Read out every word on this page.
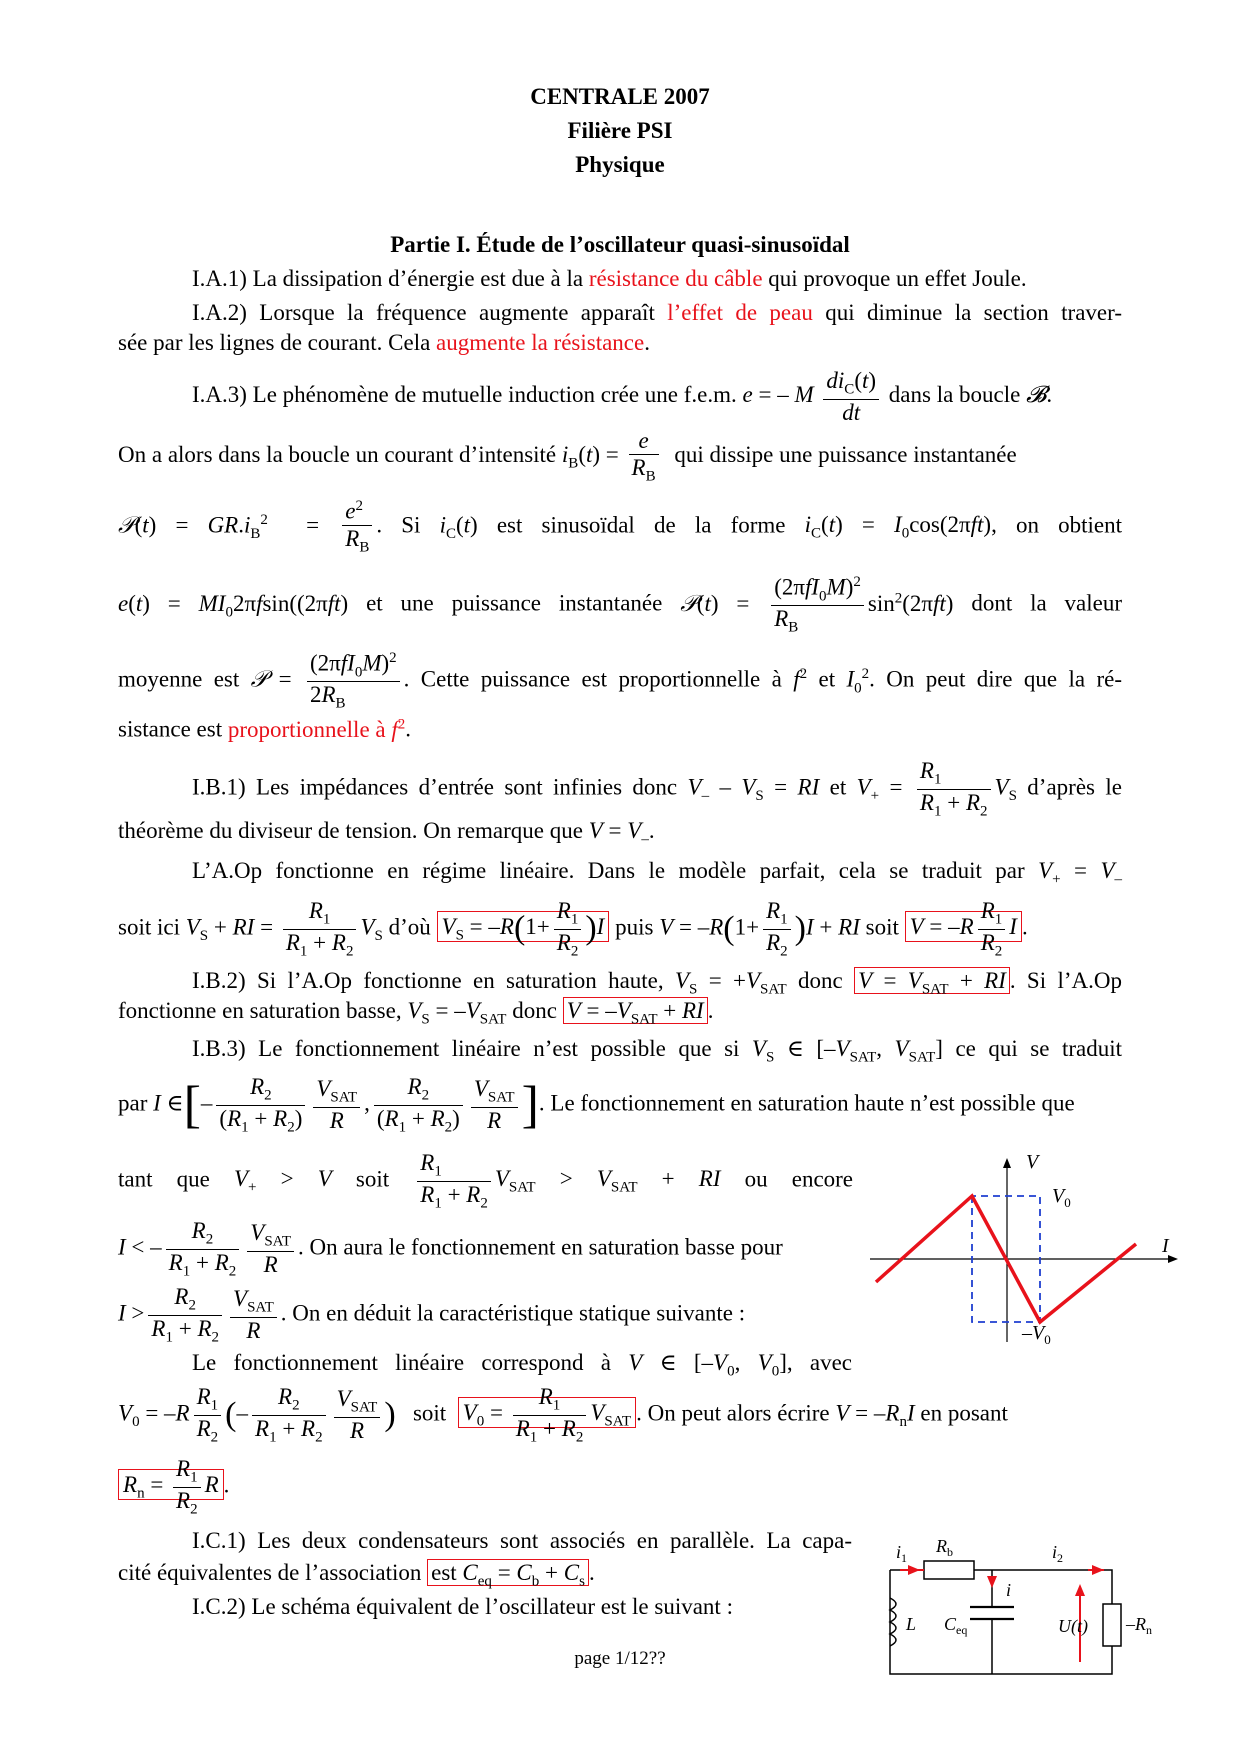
CENTRALE 2007
Filière PSI
Physique
Partie I. Étude de l’oscillateur quasi-sinusoïdal
I.A.1) La dissipation d’énergie est due à la résistance du câble qui provoque un effet Joule.
I.A.2) Lorsque la fréquence augmente apparaît l’effet de peau qui diminue la section traver-
sée par les lignes de courant. Cela augmente la résistance.
I.A.3) Le phénomène de mutuelle induction crée une f.e.m. e = – M
$di_C(t)$
dt
dans la boucle 𝓑.
On a alors dans la boucle un courant d’intensité $i_B(t) = \frac{e}{R_B}$ qui dissipe une puissance instantanée
𝒫(t) = $GR.i_B^2 = \frac{e^2}{R_B}$ . Si $i_C(t)$ est sinusoïdal de la forme $i_C(t) = I_0\cos(2\pi ft)$, on obtient
$e(t) = MI_02\pi fsin((2\pi ft)$ et une puissance instantanée 𝒫(t) =
$(2\pi fI_0M)^2$
$R_B$
$\sin^2(2\pi ft)$ dont la valeur
moyenne est 𝒫 =
$(2\pi fI_0M)^2$
$2R_B$
. Cette puissance est proportionnelle à $f^2$ et $I_0^2$. On peut dire que la ré-
sistance est proportionnelle à $f^2$.
I.B.1) Les impédances d’entrée sont infinies donc $V_- - V_S$ = RI et $V_+ = \frac{R_1}{R_1 + R_2} V_S$ d’après le
théorème du diviseur de tension. On remarque que $V = V_-$.
L’A.Op fonctionne en régime linéaire. Dans le modèle parfait, cela se traduit par $V_+ = V_-$
soit ici $V_S$ + RI = $\frac{R_1}{R_1 + R_2} V_S$ d’où $V_S = -R(1+ \frac{R_1}{R_2} )I$ puis $V = -R(1+ \frac{R_1}{R_2} )I$ + RI soit $V = -R \frac{R_1}{R_2}$ I .
I.B.2) Si l’A.Op fonctionne en saturation haute, $V_S = +V_{SAT}$ donc $V = V_{SAT}$ + RI . Si l’A.Op
fonctionne en saturation basse, $V_S = -V_{SAT}$ donc $V = -V_{SAT}$ + RI .
I.B.3) Le fonctionnement linéaire n’est possible que si $V_S$ ∈ [$-V_{SAT}$, $V_{SAT}$] ce qui se traduit
par I ∈[– $\frac{R_2}{(R_1 + R_2)} V_{SAT}$
R
, $\frac{R_2}{(R_1 + R_2)} V_{SAT}$
R ]. Le fonctionnement en saturation haute n’est possible que
tant que $V_+ > V$ soit $\frac{R_1}{R_1 + R_2} V_{SAT} > V_{SAT}$ + RI ou encore
I < – $\frac{R_2}{R_1 + R_2} V_{SAT}$
R
. On aura le fonctionnement en saturation basse pour
$I > \frac{R_2}{R_1 + R_2} V_{SAT}$
R
. On en déduit la caractéristique statique suivante :
Le fonctionnement linéaire correspond à V ∈ [$-V_0$, $V_0$], avec
$V_0 = -R \frac{R_1}{R_2}$ (– $\frac{R_2}{R_1 + R_2} V_{SAT}$
R ) soit $V_0 = \frac{R_1}{R_1 + R_2} V_{SAT}$ . On peut alors écrire $V = -R_nI$ en posant
$R_n = \frac{R_1}{R_2}$ R .
I.C.1) Les deux condensateurs sont associés en parallèle. La capa-
cité équivalentes de l’association est $C_{eq} = C_b + C_s$ .
I.C.2) Le schéma équivalent de l’oscillateur est le suivant :
V
I
$V_0$
$-V_0$
$i_1$
$R_b$	$i_2$
i
L $C_{eq}$	U(t) $-R_n$
page 1/12??
